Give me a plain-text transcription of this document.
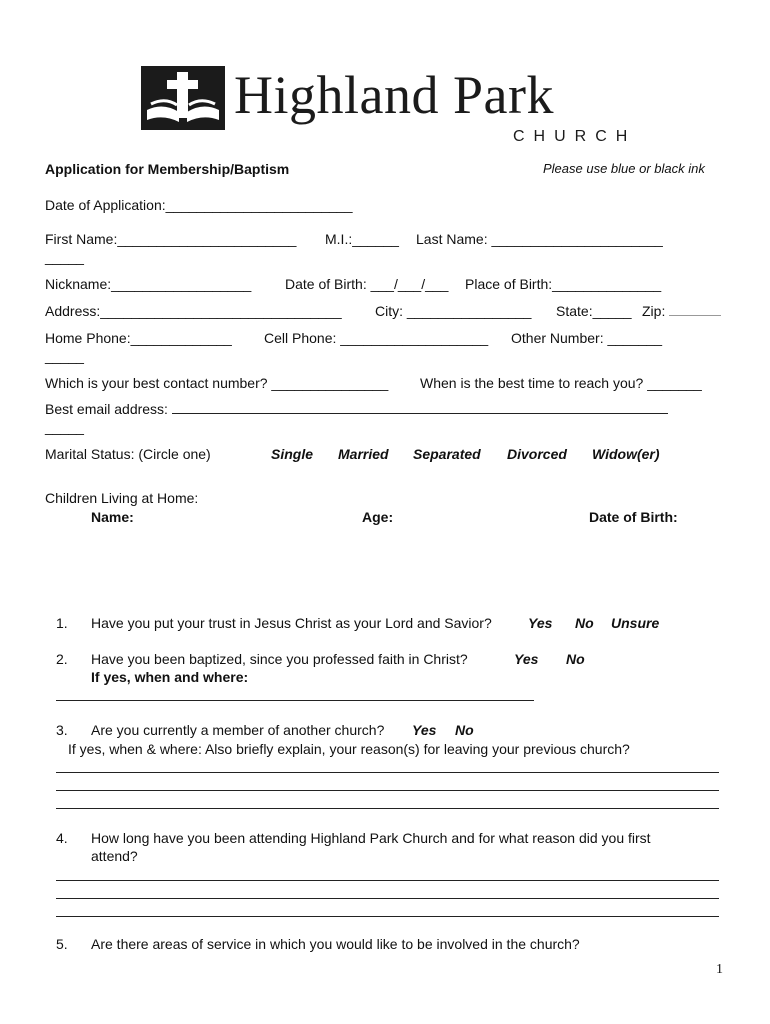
Highland Park
CHURCH
Application for Membership/Baptism	Please use blue or black ink
Date of Application:________________________
First Name:_______________________ M.I.:______ Last Name: ______________________
_____
Nickname:__________________ Date of Birth: ___/___/___ Place of Birth:______________
Address:_______________________________ City: ________________ State:_____ Zip:
Home Phone:_____________ Cell Phone: ___________________ Other Number: _______
_____
Which is your best contact number? _______________ When is the best time to reach you? _______
Best email address:
_____
Marital Status: (Circle one)	Single Married Separated Divorced Widow(er)
Children Living at Home:
Name:	Age:	Date of Birth:
1. Have you put your trust in Jesus Christ as your Lord and Savior?	Yes No Unsure
2. Have you been baptized, since you professed faith in Christ?	Yes No
If yes, when and where:
3. Are you currently a member of another church? Yes No
If yes, when & where: Also briefly explain, your reason(s) for leaving your previous church?
4. How long have you been attending Highland Park Church and for what reason did you first
attend?
5. Are there areas of service in which you would like to be involved in the church?
1
